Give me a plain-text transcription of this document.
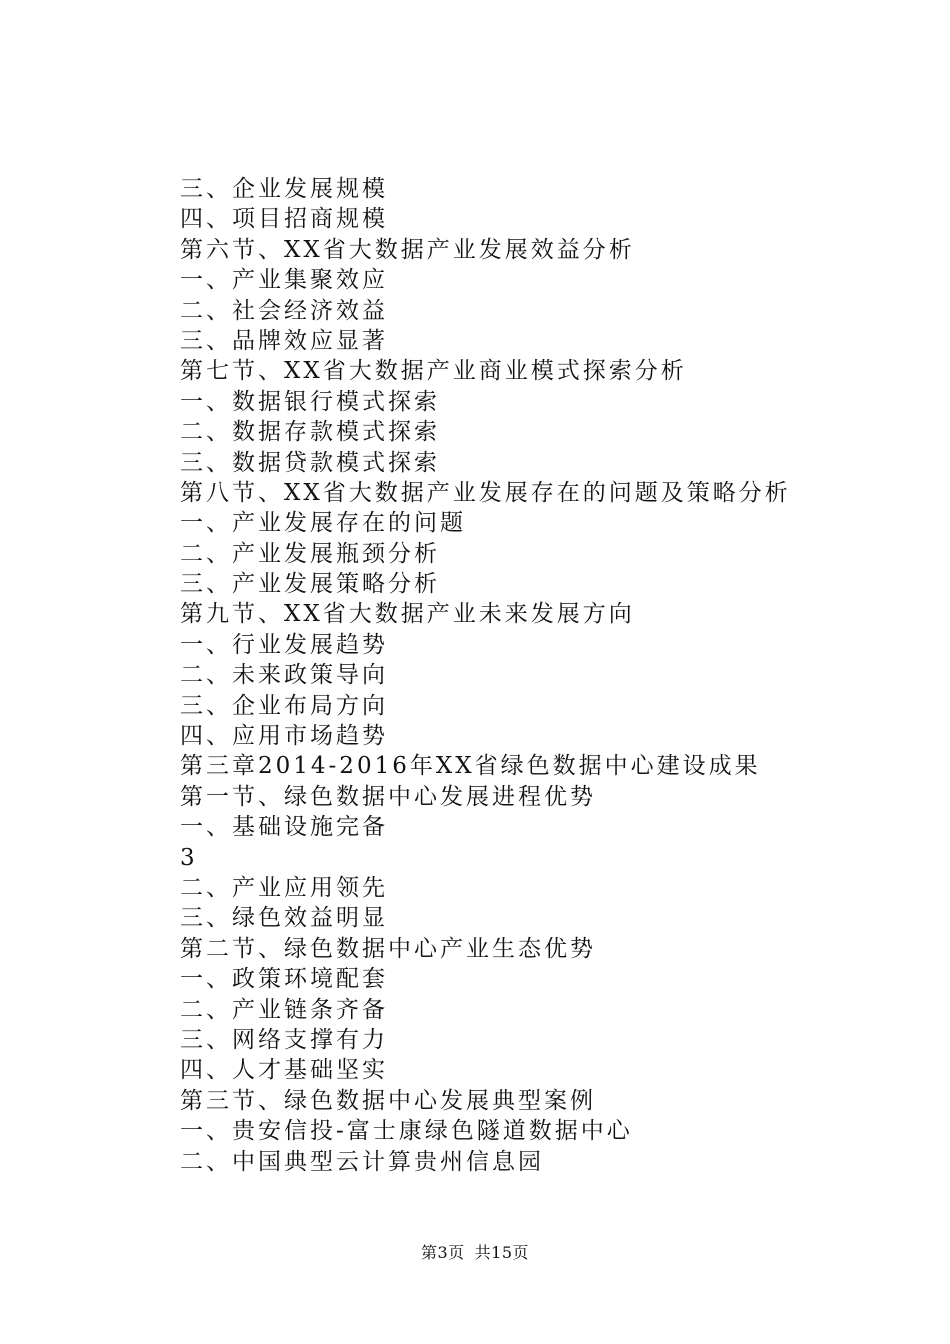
三、企业发展规模
四、项目招商规模
第六节、XX省大数据产业发展效益分析
一、产业集聚效应
二、社会经济效益
三、品牌效应显著
第七节、XX省大数据产业商业模式探索分析
一、数据银行模式探索
二、数据存款模式探索
三、数据贷款模式探索
第八节、XX省大数据产业发展存在的问题及策略分析
一、产业发展存在的问题
二、产业发展瓶颈分析
三、产业发展策略分析
第九节、XX省大数据产业未来发展方向
一、行业发展趋势
二、未来政策导向
三、企业布局方向
四、应用市场趋势
第三章2014-2016年XX省绿色数据中心建设成果
第一节、绿色数据中心发展进程优势
一、基础设施完备
3
二、产业应用领先
三、绿色效益明显
第二节、绿色数据中心产业生态优势
一、政策环境配套
二、产业链条齐备
三、网络支撑有力
四、人才基础坚实
第三节、绿色数据中心发展典型案例
一、贵安信投-富士康绿色隧道数据中心
二、中国典型云计算贵州信息园
第3页 共15页
